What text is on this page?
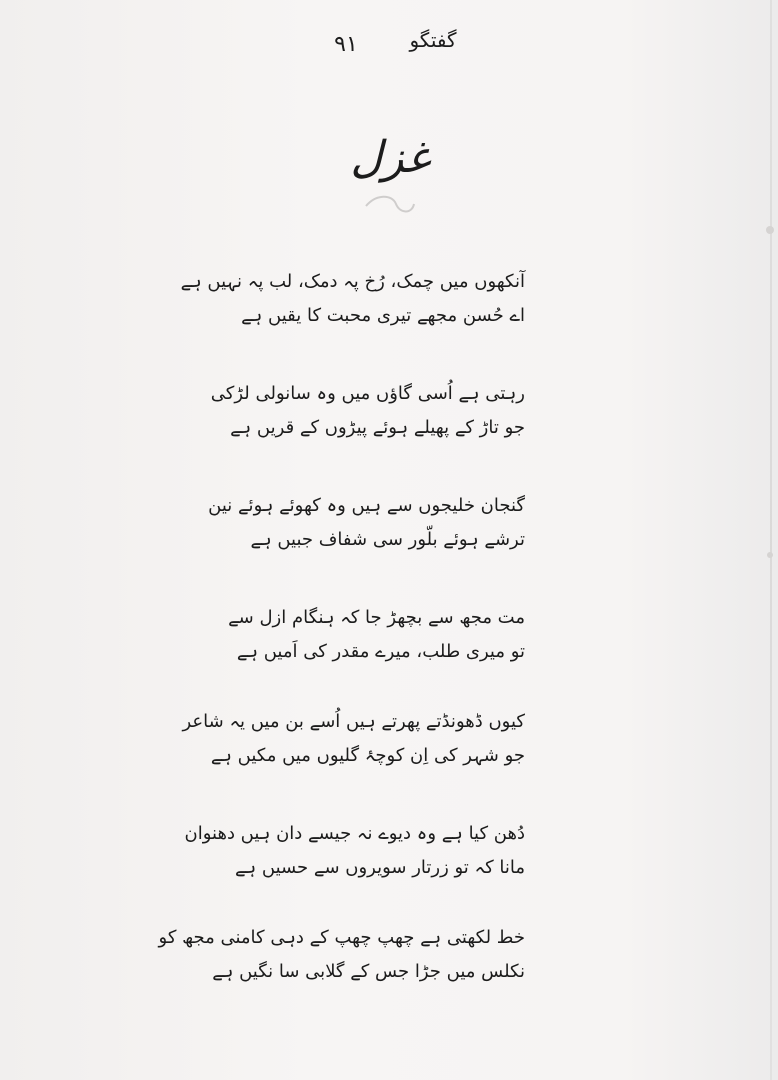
۹۱	گفتگو
غزل
آنکھوں میں چمک، رُخ پہ دمک، لب پہ نہیں ہے
اے حُسن مجھے تیری محبت کا یقیں ہے
رہتی ہے اُسی گاؤں میں وہ سانولی لڑکی
جو تاڑ کے پھیلے ہوئے پیڑوں کے قریں ہے
گنجان خلیجوں سے ہیں وہ کھوئے ہوئے نین
ترشے ہوئے بلّور سی شفاف جبیں ہے
مت مجھ سے بچھڑ جا کہ ہنگام ازل سے
تو میری طلب، میرے مقدر کی اَمیں ہے
کیوں ڈھونڈتے پھرتے ہیں اُسے بن میں یہ شاعر
جو شہر کی اِن کوچۂ گلیوں میں مکیں ہے
دُھن کیا ہے وہ دیوے نہ جیسے دان ہیں دھنوان
مانا کہ تو زرتار سویروں سے حسیں ہے
خط لکھتی ہے چھپ چھپ کے دہی کامنی مجھ کو
نکلس میں جڑا جس کے گلابی سا نگیں ہے
